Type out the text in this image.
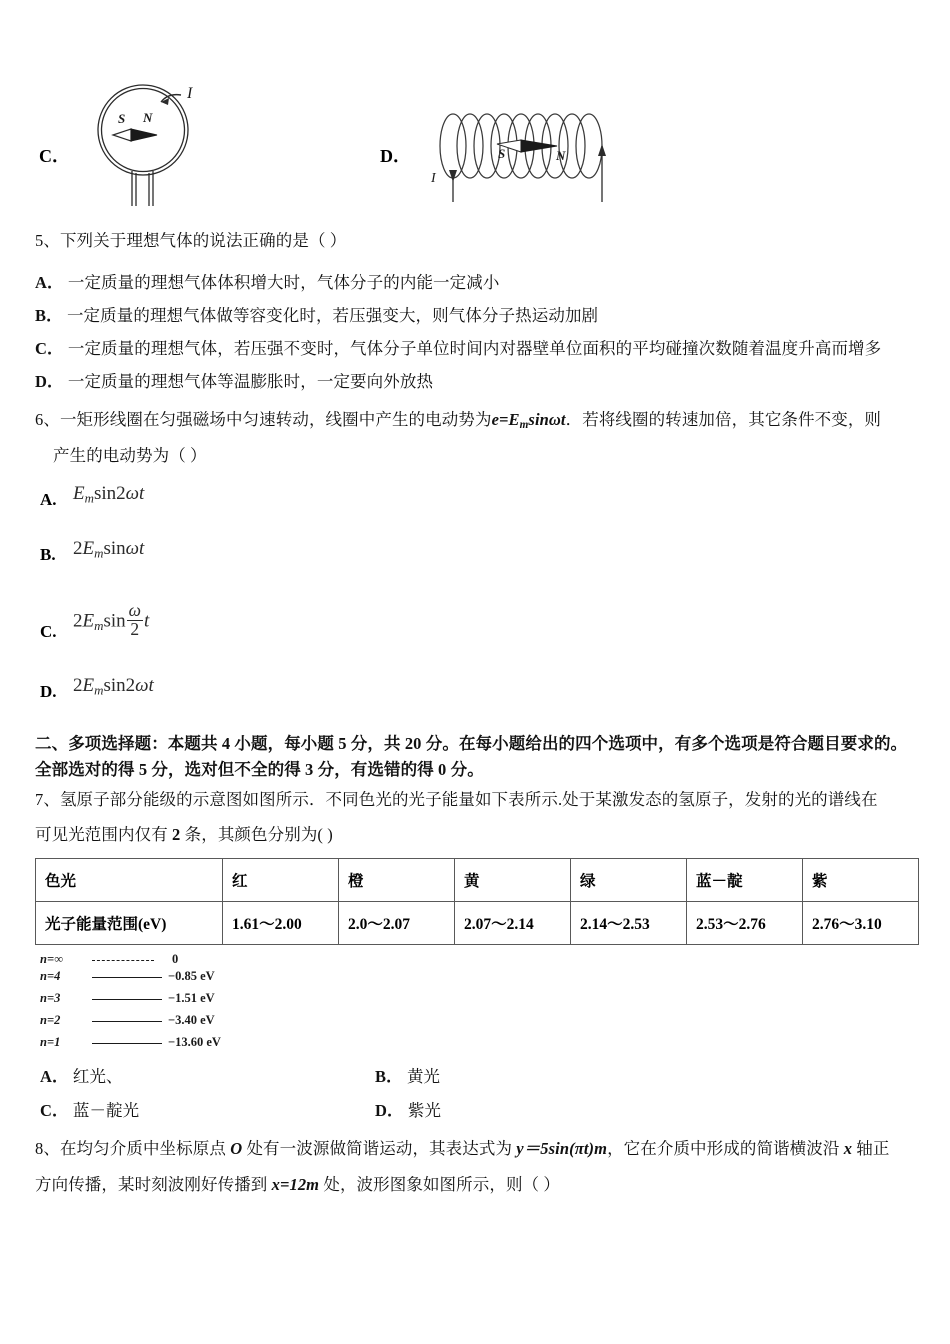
C．
S N
I
D．
I
S	N
5、下列关于理想气体的说法正确的是（ ）
A． 一定质量的理想气体体积增大时，气体分子的内能一定减小
B． 一定质量的理想气体做等容变化时，若压强变大，则气体分子热运动加剧
C． 一定质量的理想气体，若压强不变时，气体分子单位时间内对器壁单位面积的平均碰撞次数随着温度升高而增多
D． 一定质量的理想气体等温膨胀时，一定要向外放热
6、一矩形线圈在匀强磁场中匀速转动，线圈中产生的电动势为$e=E_m\sin\omega t$．若将线圈的转速加倍，其它条件不变，则
产生的电动势为（ ）
A. $E_m\sin 2\omega t$
B. $2E_m\sin\omega t$
C. $2E_m\sin \frac{\omega}{2}$ t
D. $2E_m\sin 2\omega t$
二、多项选择题：本题共 4 小题，每小题 5 分，共 20 分。在每小题给出的四个选项中，有多个选项是符合题目要求的。
全部选对的得 5 分，选对但不全的得 3 分，有选错的得 0 分。
7、氢原子部分能级的示意图如图所示．不同色光的光子能量如下表所示.处于某激发态的氢原子，发射的光的谱线在
可见光范围内仅有 2 条，其颜色分别为( )
色光	红	橙	黄	绿	蓝－靛	紫
光子能量范围(eV)	1.61～2.00	2.0～2.07	2.07～2.14	2.14～2.53	2.53～2.76	2.76～3.10
n=∞	0
n=4	−0.85 eV
n=3	−1.51 eV
n=2	−3.40 eV
n=1	−13.60 eV
A． 红光、	B． 黄光
C． 蓝－靛光	D． 紫光
8、在均匀介质中坐标原点 O 处有一波源做简谐运动，其表达式为 y＝5sin(πt)m，它在介质中形成的简谐横波沿 x 轴正
方向传播，某时刻波刚好传播到 x=12m 处，波形图象如图所示，则（ ）
